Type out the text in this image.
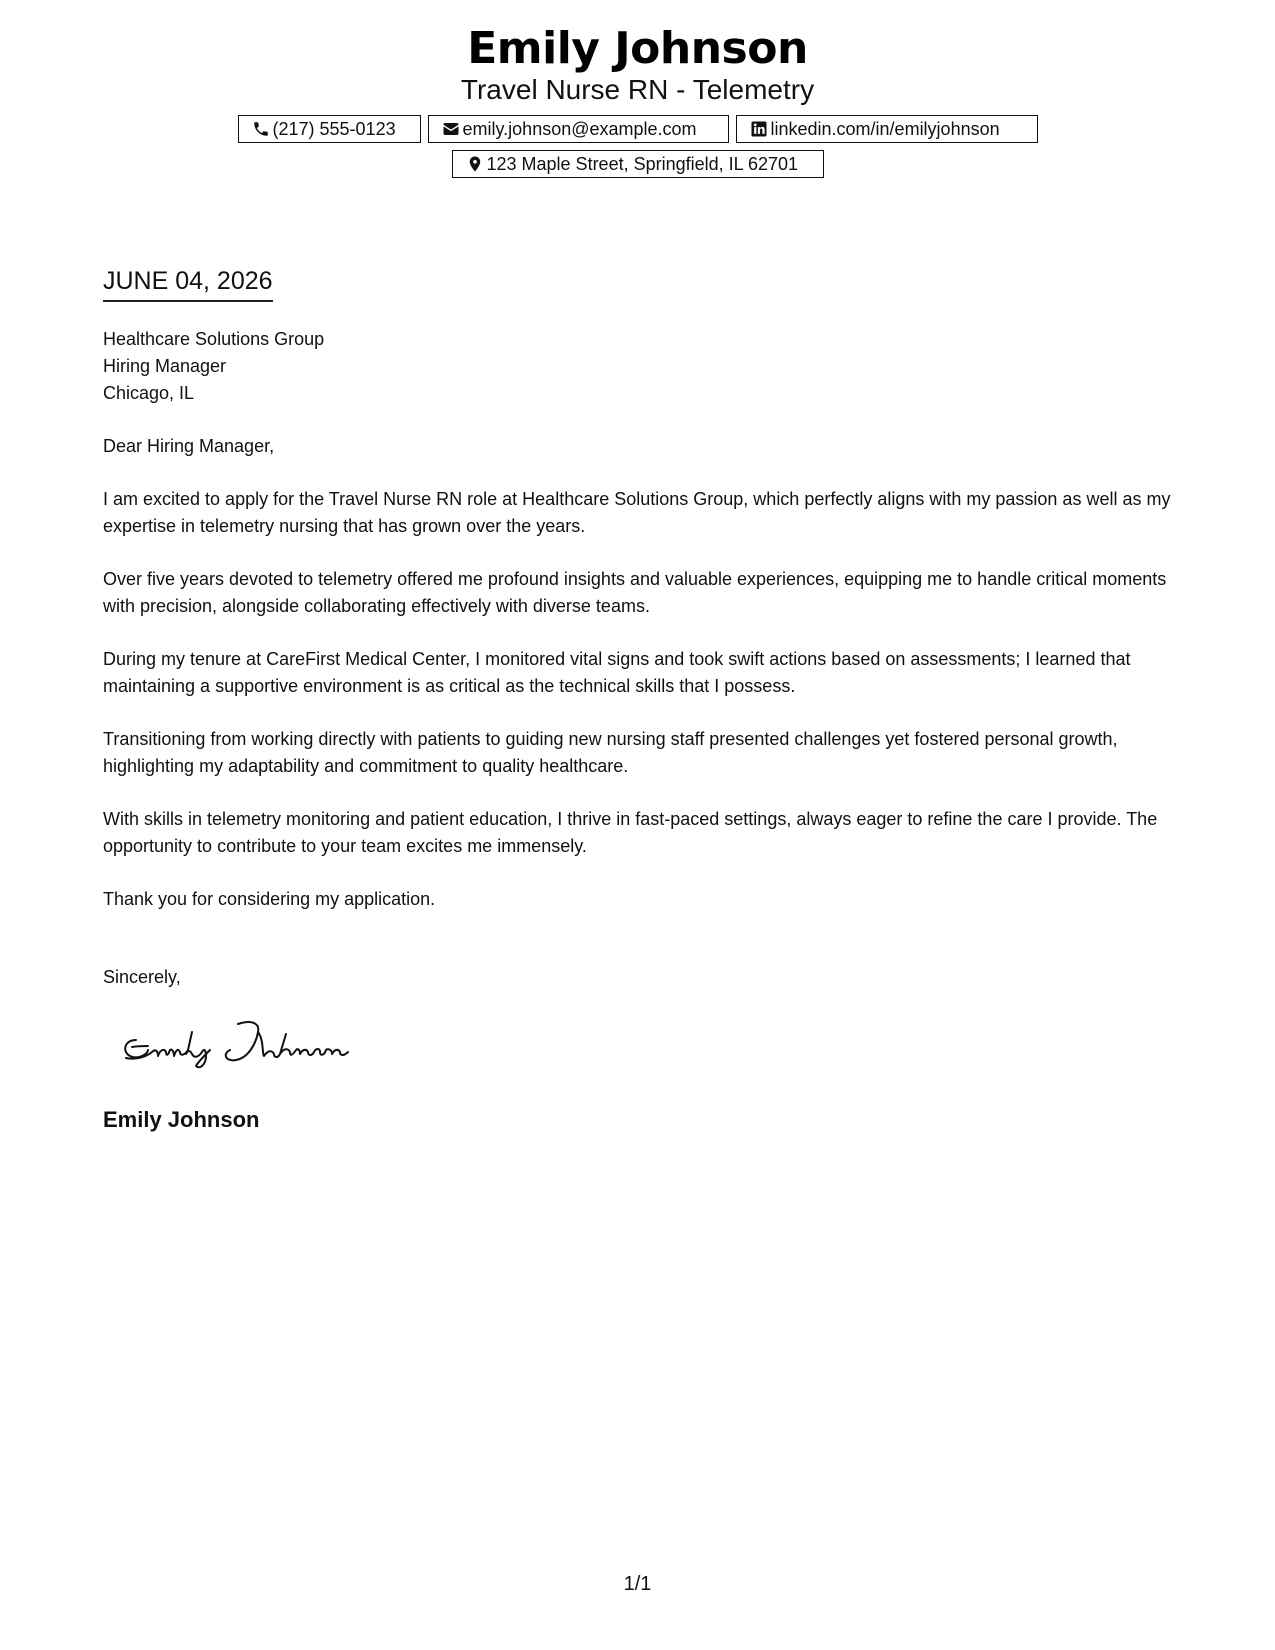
Emily Johnson
Travel Nurse RN - Telemetry
(217) 555-0123	emily.johnson@example.com	linkedin.com/in/emilyjohnson
123 Maple Street, Springfield, IL 62701
JUNE 04, 2026
Healthcare Solutions Group
Hiring Manager
Chicago, IL

Dear Hiring Manager,

I am excited to apply for the Travel Nurse RN role at Healthcare Solutions Group, which perfectly aligns with my passion as well as my expertise in telemetry nursing that has grown over the years.

Over five years devoted to telemetry offered me profound insights and valuable experiences, equipping me to handle critical moments with precision, alongside collaborating effectively with diverse teams.

During my tenure at CareFirst Medical Center, I monitored vital signs and took swift actions based on assessments; I learned that maintaining a supportive environment is as critical as the technical skills that I possess.

Transitioning from working directly with patients to guiding new nursing staff presented challenges yet fostered personal growth, highlighting my adaptability and commitment to quality healthcare.

With skills in telemetry monitoring and patient education, I thrive in fast-paced settings, always eager to refine the care I provide. The opportunity to contribute to your team excites me immensely.

Thank you for considering my application.

Sincerely,
Emily Johnson
1/1
